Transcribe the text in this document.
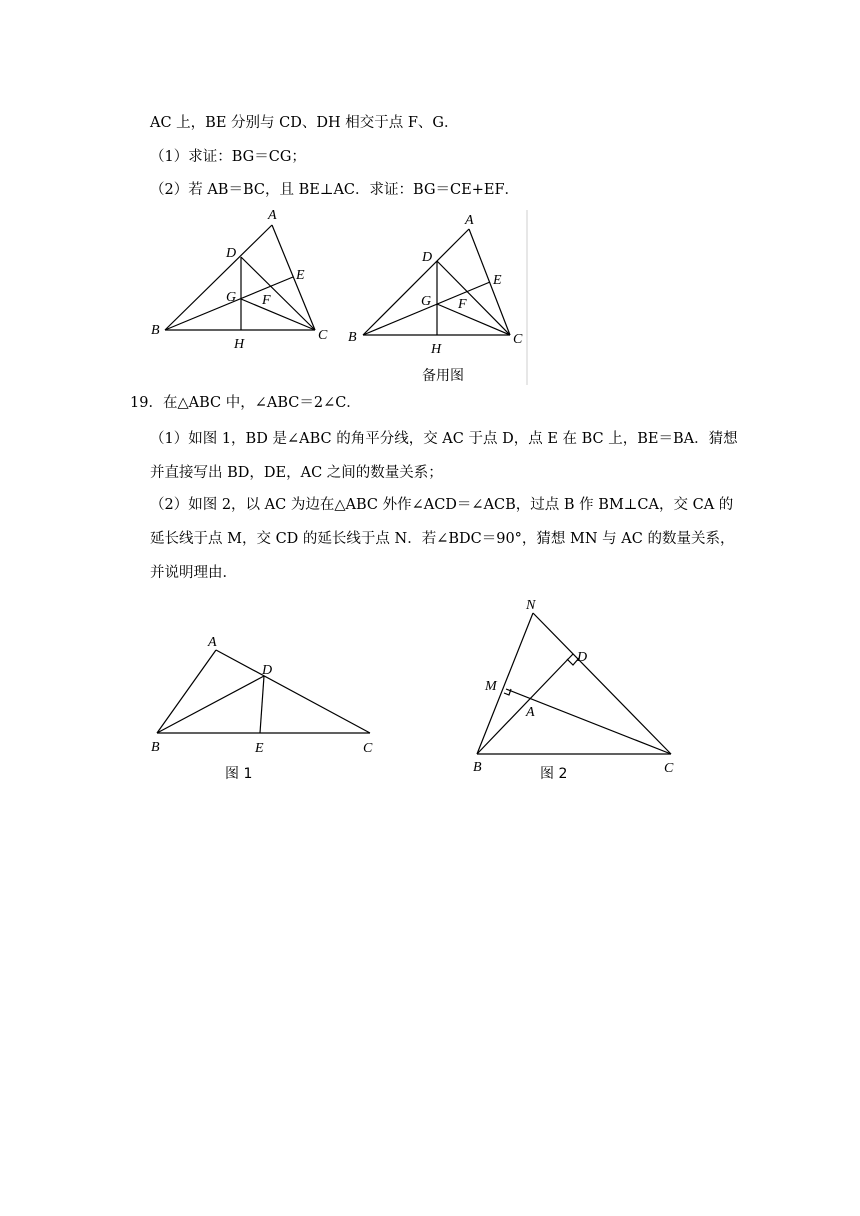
AC 上，BE 分别与 CD、DH 相交于点 F、G．
（1）求证：BG＝CG；
（2）若 AB＝BC，且 BE⊥AC．求证：BG＝CE+EF．
A
B	C
D
E
F
G
H
A
B	C
D
E
F
G
H
备用图
19．在△ABC 中，∠ABC＝2∠C．
（1）如图 1，BD 是∠ABC 的角平分线，交 AC 于点 D，点 E 在 BC 上，BE＝BA．猜想
并直接写出 BD，DE，AC 之间的数量关系；
（2）如图 2，以 AC 为边在△ABC 外作∠ACD＝∠ACB，过点 B 作 BM⊥CA，交 CA 的
延长线于点 M，交 CD 的延长线于点 N．若∠BDC＝90°，猜想 MN 与 AC 的数量关系，
并说明理由．
A
B	C
D
E
图 1
N
M
D
A
B	C
图 2
